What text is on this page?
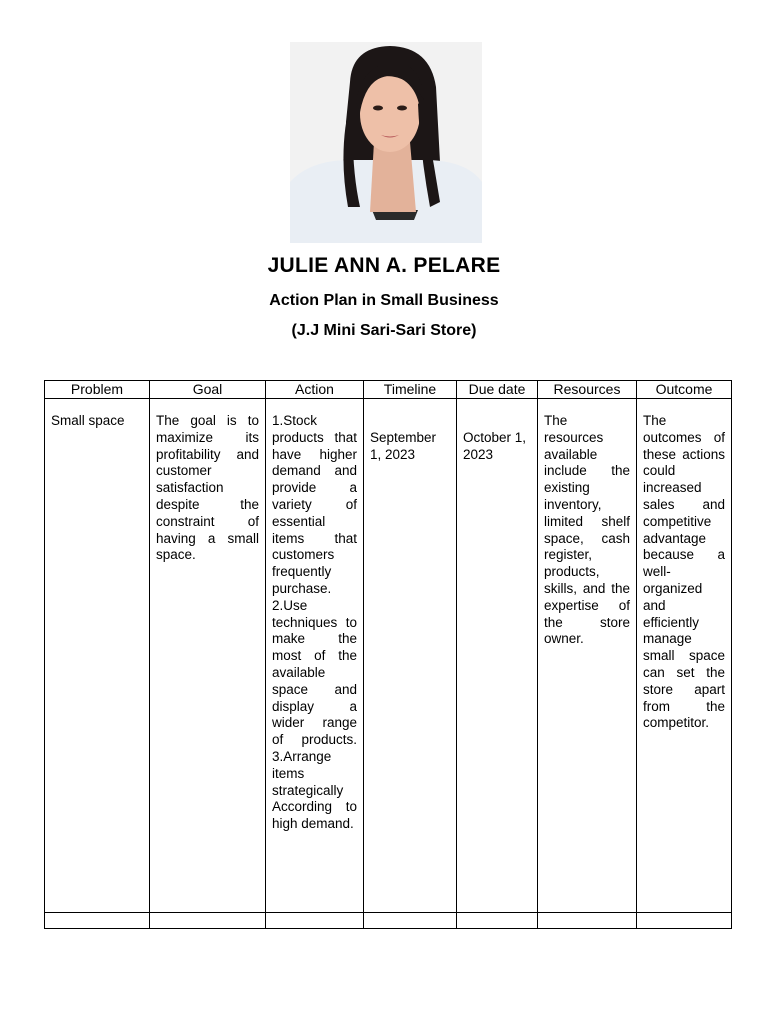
JULIE ANN A. PELARE
Action Plan in Small Business
(J.J Mini Sari-Sari Store)
Problem	Goal	Action	Timeline	Due date	Resources	Outcome
Small space	The goal is to maximize its profitability and customer satisfaction despite the constraint of having a small space.	1.Stock products that have higher demand and provide a variety of essential items that customers frequently purchase. 2.Use techniques to make the most of the available space and display a wider range of products. 3.Arrange items strategically According to high demand.	September 1, 2023	October 1, 2023	The resources available include the existing inventory, limited shelf space, cash register, products, skills, and the expertise of the store owner.	The outcomes of these actions could increased sales and competitive advantage because a well-organized and efficiently manage small space can set the store apart from the competitor.
